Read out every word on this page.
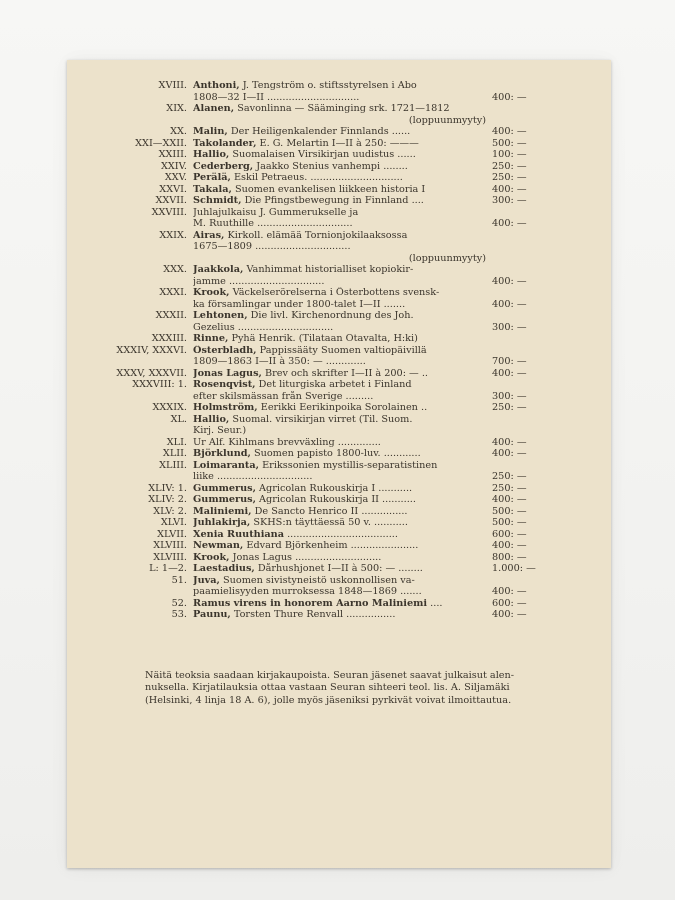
XVIII. Anthoni, J. Tengström o. stiftsstyrelsen i Abo
1808—32 I—II ..............................	400: —
XIX. Alanen, Savonlinna — Sääminging srk. 1721—1812
(loppuunmyyty)
XX. Malin, Der Heiligenkalender Finnlands ......	400: —
XXI—XXII. Takolander, E. G. Melartin I—II à 250: ———	500: —
XXIII. Hallio, Suomalaisen Virsikirjan uudistus ......	100: —
XXIV. Cederberg, Jaakko Stenius vanhempi ........	250: —
XXV. Perälä, Eskil Petraeus. ..............................	250: —
XXVI. Takala, Suomen evankelisen liikkeen historia I	400: —
XXVII. Schmidt, Die Pfingstbewegung in Finnland ....	300: —
XXVIII. Juhlajulkaisu J. Gummerukselle ja
M. Ruuthille ...............................	400: —
XXIX. Airas, Kirkoll. elämää Tornionjokilaaksossa
1675—1809 ...............................
(loppuunmyyty)
XXX. Jaakkola, Vanhimmat historialliset kopiokir-
jamme ...............................	400: —
XXXI. Krook, Väckelserörelserna i Österbottens svensk-
ka församlingar under 1800-talet I—II .......	400: —
XXXII. Lehtonen, Die livl. Kirchenordnung des Joh.
Gezelius ...............................	300: —
XXXIII. Rinne, Pyhä Henrik. (Tilataan Otavalta, H:ki)
XXXIV, XXXVI. Österbladh, Pappissääty Suomen valtiopäivillä
1809—1863 I—II à 350: — .............	700: —
XXXV, XXXVII. Jonas Lagus, Brev och skrifter I—II à 200: — ..	400: —
XXXVIII: 1. Rosenqvist, Det liturgiska arbetet i Finland
efter skilsmässan från Sverige .........	300: —
XXXIX. Holmström, Eerikki Eerikinpoika Sorolainen ..	250: —
XL. Hallio, Suomal. virsikirjan virret (Til. Suom.
Kirj. Seur.)
XLI. Ur Alf. Kihlmans brevväxling ..............	400: —
XLII. Björklund, Suomen papisto 1800-luv. ............	400: —
XLIII. Loimaranta, Erikssonien mystillis-separatistinen
liike ...............................	250: —
XLIV: 1. Gummerus, Agricolan Rukouskirja I ...........	250: —
XLIV: 2. Gummerus, Agricolan Rukouskirja II ...........	400: —
XLV: 2. Maliniemi, De Sancto Henrico II ...............	500: —
XLVI. Juhlakirja, SKHS:n täyttäessä 50 v. ...........	500: —
XLVII. Xenia Ruuthiana ....................................	600: —
XLVIII. Newman, Edvard Björkenheim ......................	400: —
XLVIII. Krook, Jonas Lagus ............................	800: —
L: 1—2. Laestadius, Dårhushjonet I—II à 500: — ........	1.000: —
51. Juva, Suomen sivistyneistö uskonnollisen va-
paamielisyyden murroksessa 1848—1869 .......	400: —
52. Ramus virens in honorem Aarno Maliniemi ....	600: —
53. Paunu, Torsten Thure Renvall ................	400: —

Näitä teoksia saadaan kirjakaupoista. Seuran jäsenet saavat julkaisut alen-

nuksella. Kirjatilauksia ottaa vastaan Seuran sihteeri teol. lis. A. Siljamäki

(Helsinki, 4 linja 18 A. 6), jolle myös jäseniksi pyrkivät voivat ilmoittautua.
